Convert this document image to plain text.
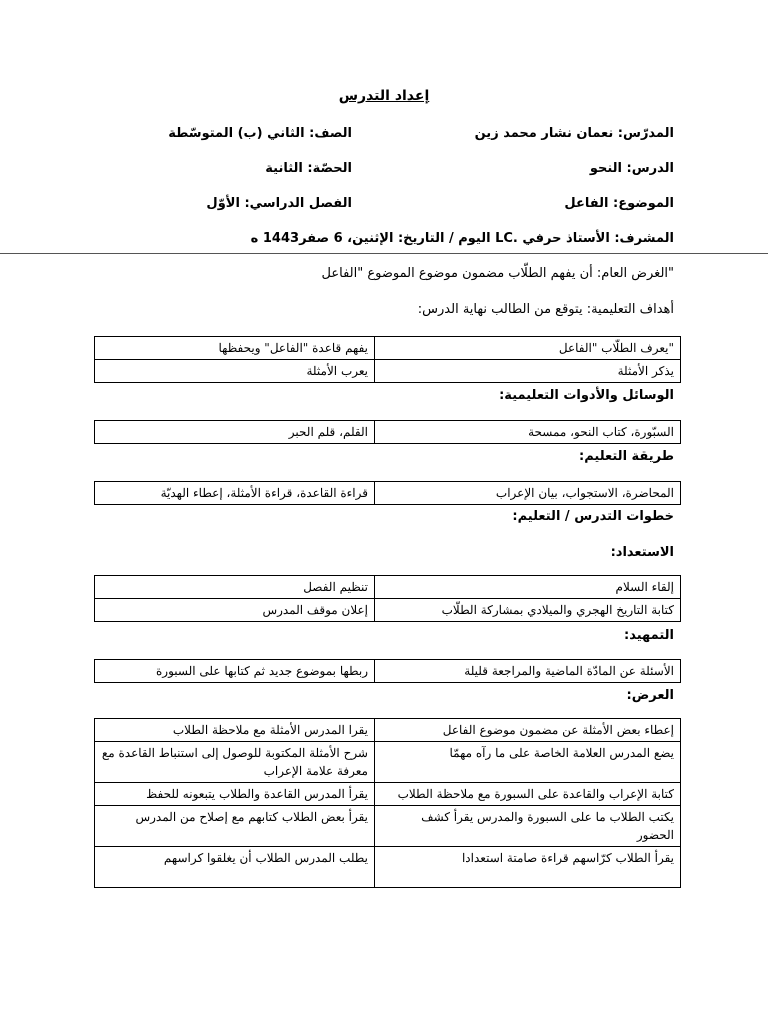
إعداد التدرس
المدرّس: نعمان نشار محمد زين
الصف: الثاني (ب) المتوسّطة
الدرس: النحو
الحصّة: الثانية
الموضوع: الفاعل
الفصل الدراسي: الأوّل
المشرف: الأستاذ حرفي .LC اليوم / التاريخ: الإثنين، 6 صفر1443 ه
"الغرض العام: أن يفهم الطلّاب مضمون موضوع الموضوع "الفاعل
أهداف التعليمية: يتوقع من الطالب نهاية الدرس:
"يعرف الطلّاب "الفاعل	يفهم قاعدة "الفاعل" ويحفظها
يذكر الأمثلة	يعرب الأمثلة
الوسائل والأدوات التعليمية:
السبّورة، كتاب النحو، ممسحة	القلم، قلم الحبر
طريقة التعليم:
المحاضرة، الاستجواب، بيان الإعراب	قراءة القاعدة، قراءة الأمثلة، إعطاء الهديّة
خطوات التدرس / التعليم:
الاستعداد:
إلقاء السلام	تنظيم الفصل
كتابة التاريخ الهجري والميلادي بمشاركة الطلّاب	إعلان موقف المدرس
التمهيد:
الأسئلة عن المادّة الماضية والمراجعة قليلة	ربطها بموضوع جديد ثم كتابها على السبورة
العرض:
إعطاء بعض الأمثلة عن مضمون موضوع الفاعل	يقرا المدرس الأمثلة مع ملاحظة الطلاب
يضع المدرس العلامة الخاصة على ما رآه مهمّا	شرح الأمثلة المكتوبة للوصول إلى استنباط القاعدة مع معرفة علامة الإعراب
كتابة الإعراب والقاعدة على السبورة مع ملاحظة الطلاب	يقرأ المدرس القاعدة والطلاب يتبعونه للحفظ
يكتب الطلاب ما على السبورة والمدرس يقرأ كشف الحضور	يقرأ بعض الطلاب كتابهم مع إصلاح من المدرس
يقرأ الطلاب كرّاسهم قراءة صامتة استعدادا	يطلب المدرس الطلاب أن يغلقوا كراسهم
